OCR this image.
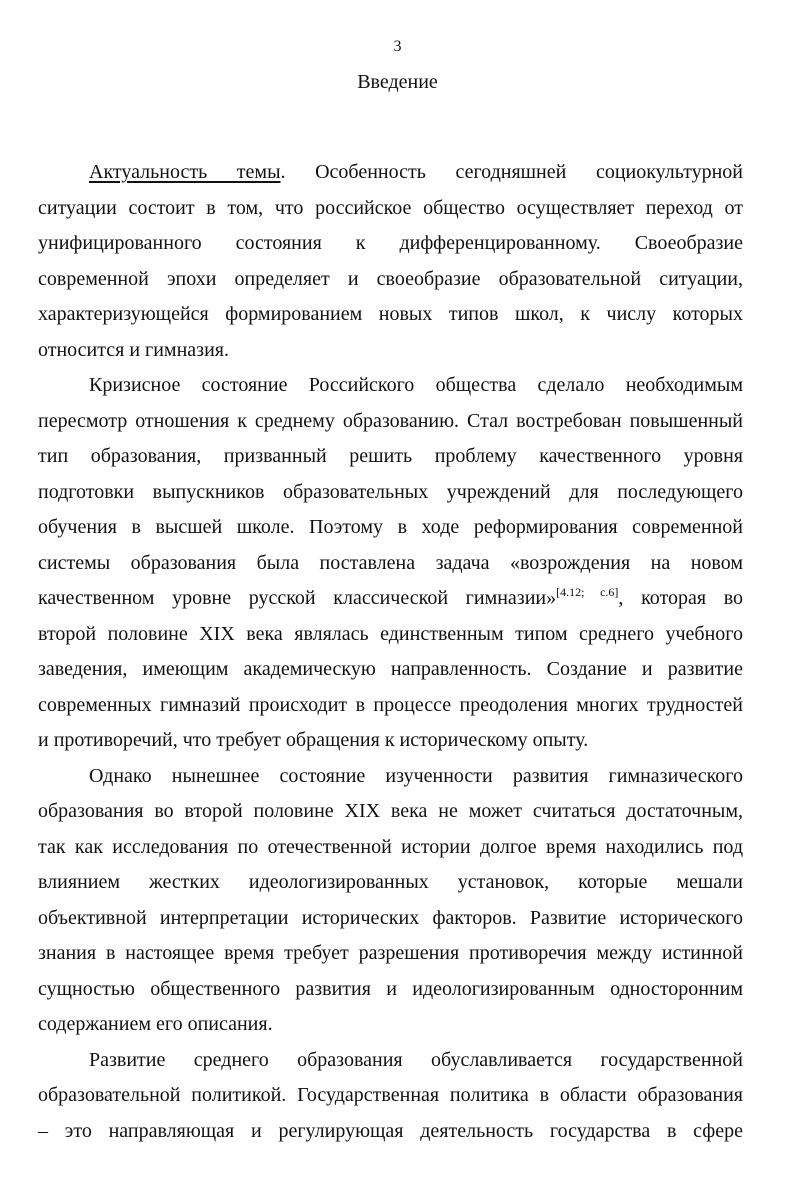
3
Введение
Актуальность темы. Особенность сегодняшней социокультурной
ситуации состоит в том, что российское общество осуществляет переход от
унифицированного состояния к дифференцированному. Своеобразие
современной эпохи определяет и своеобразие образовательной ситуации,
характеризующейся формированием новых типов школ, к числу которых
относится и гимназия.
Кризисное состояние Российского общества сделало необходимым
пересмотр отношения к среднему образованию. Стал востребован повышенный
тип образования, призванный решить проблему качественного уровня
подготовки выпускников образовательных учреждений для последующего
обучения в высшей школе. Поэтому в ходе реформирования современной
системы образования была поставлена задача «возрождения на новом
качественном уровне русской классической гимназии»[4.12; с.6], которая во
второй половине XIX века являлась единственным типом среднего учебного
заведения, имеющим академическую направленность. Создание и развитие
современных гимназий происходит в процессе преодоления многих трудностей
и противоречий, что требует обращения к историческому опыту.
Однако нынешнее состояние изученности развития гимназического
образования во второй половине XIX века не может считаться достаточным,
так как исследования по отечественной истории долгое время находились под
влиянием жестких идеологизированных установок, которые мешали
объективной интерпретации исторических факторов. Развитие исторического
знания в настоящее время требует разрешения противоречия между истинной
сущностью общественного развития и идеологизированным односторонним
содержанием его описания.
Развитие среднего образования обуславливается государственной
образовательной политикой. Государственная политика в области образования
– это направляющая и регулирующая деятельность государства в сфере
